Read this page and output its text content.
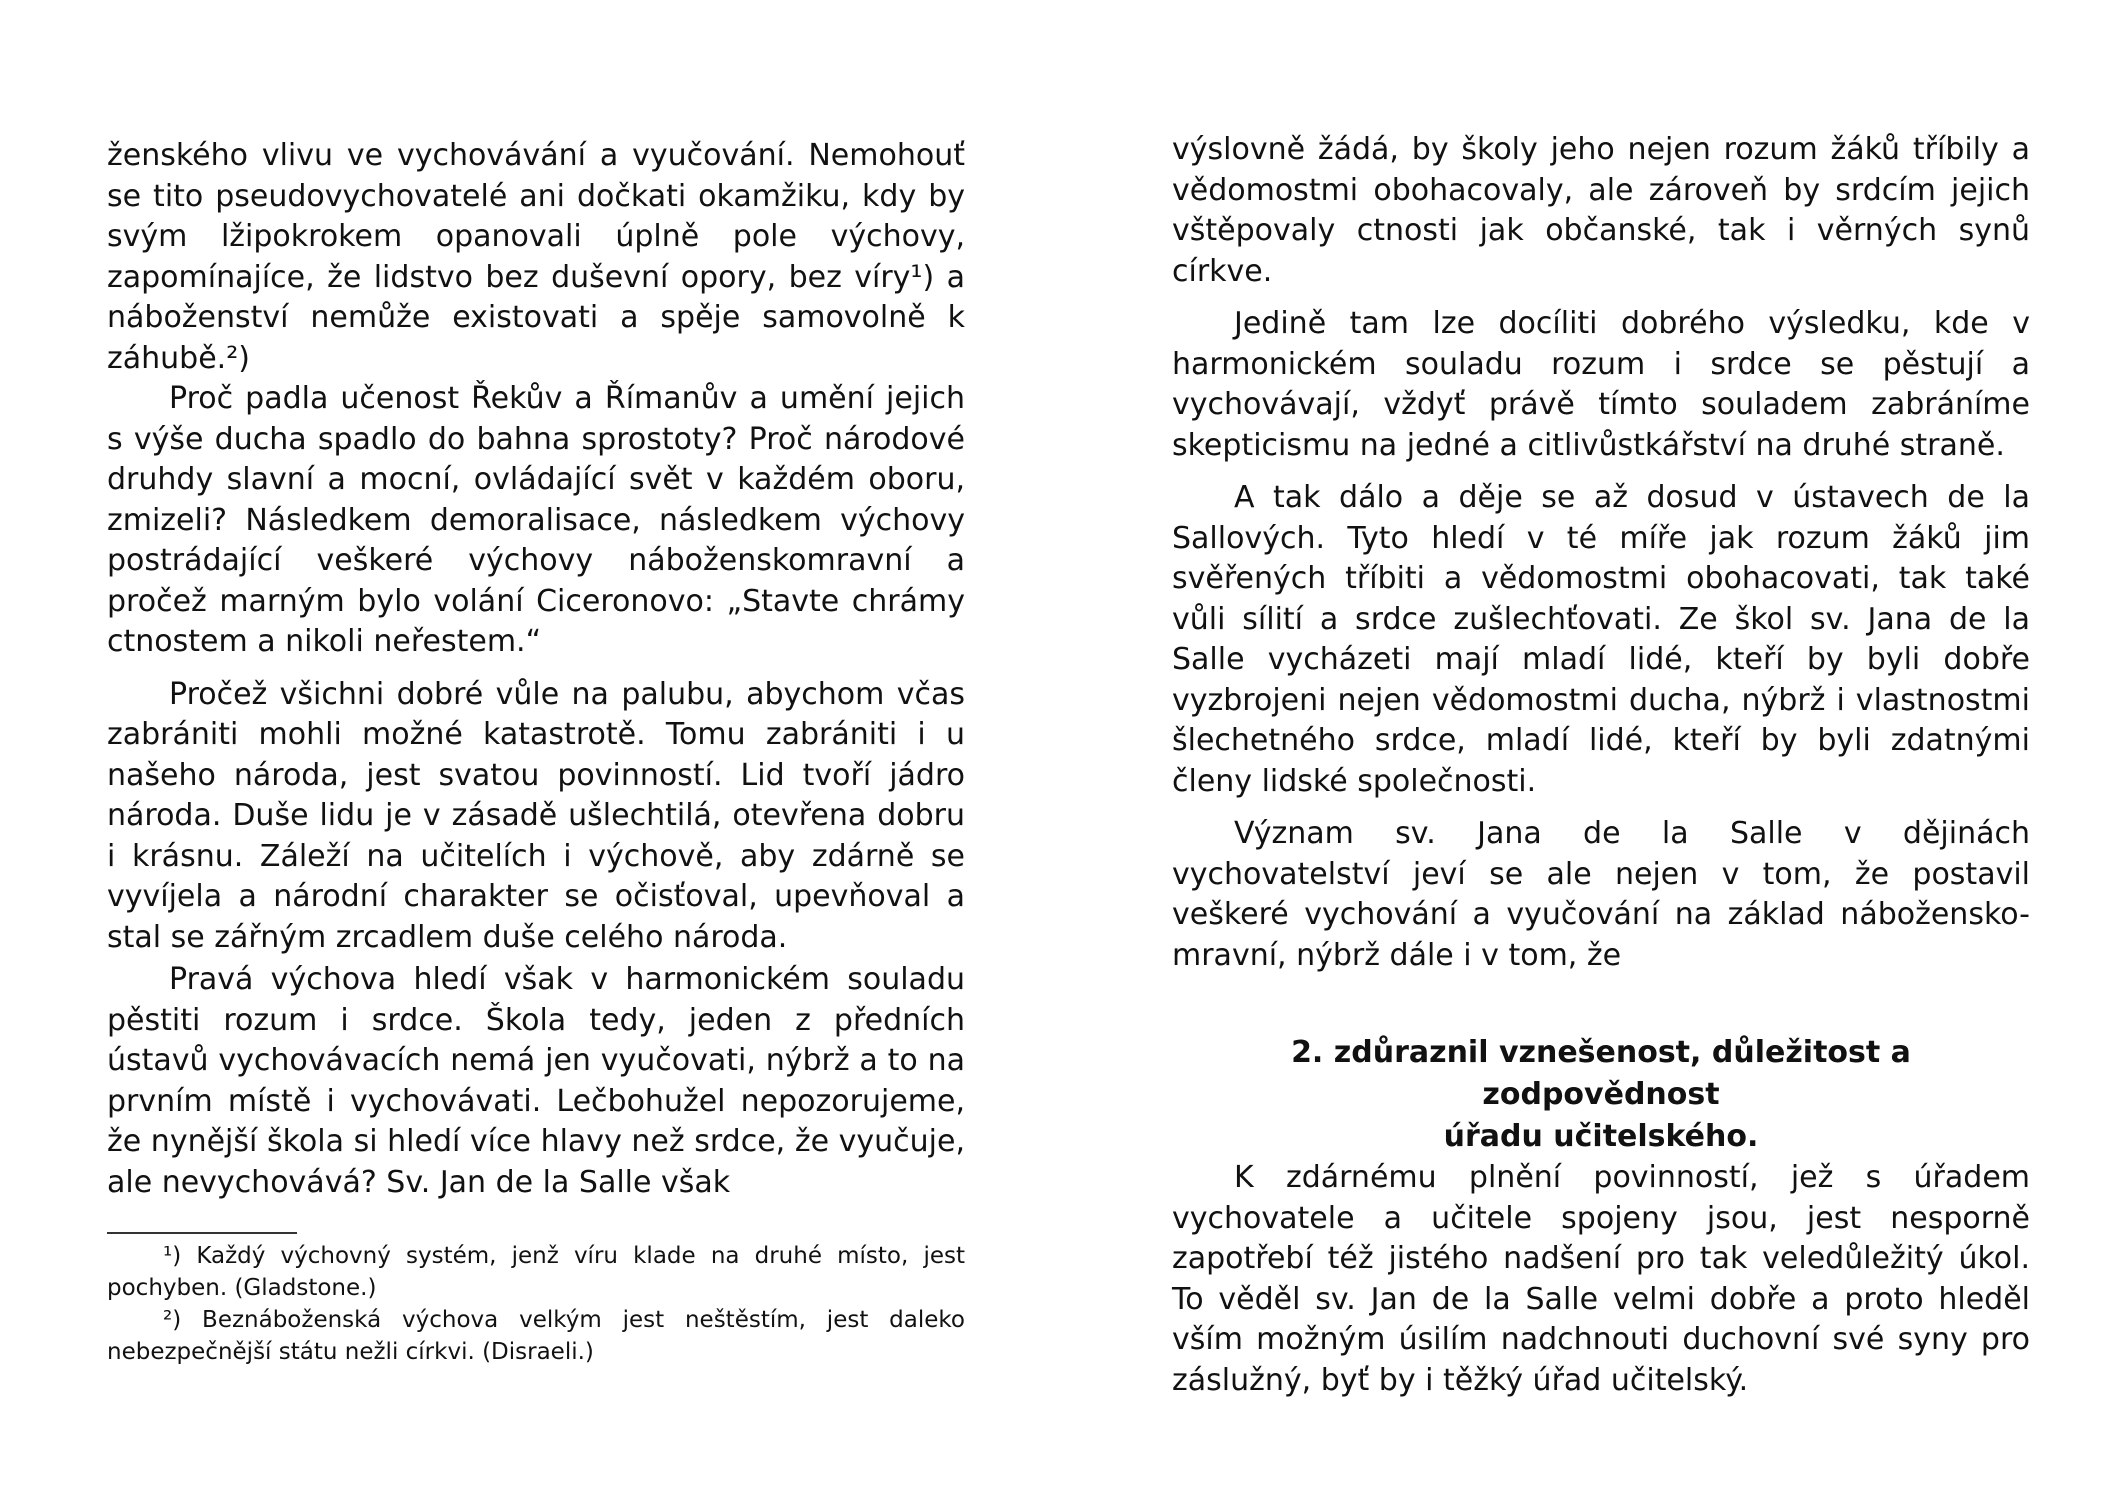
ženského vlivu ve vychovávání a vyučování. Nemohouť se tito pseudovychovatelé ani dočkati okamžiku, kdy by svým lžipokrokem opanovali úplně pole výchovy, zapomínajíce, že lidstvo bez duševní opory, bez víry¹) a náboženství nemůže existovati a spěje samovolně k záhubě.²)

Proč padla učenost Řekův a Římanův a umění jejich s výše ducha spadlo do bahna sprostoty? Proč národové druhdy slavní a mocní, ovládající svět v každém oboru, zmizeli? Následkem demoralisace, následkem výchovy postrádající veškeré výchovy náboženskomravní a pročež marným bylo volání Ciceronovo: „Stavte chrámy ctnostem a nikoli neřestem.“

Pročež všichni dobré vůle na palubu, abychom včas zabrániti mohli možné katastrotě. Tomu zabrániti i u našeho národa, jest svatou povinností. Lid tvoří jádro národa. Duše lidu je v zásadě ušlechtilá, otevřena dobru i krásnu. Záleží na učitelích i výchově, aby zdárně se vyvíjela a národní charakter se očisťoval, upevňoval a stal se zářným zrcadlem duše celého národa.

Pravá výchova hledí však v harmonickém souladu pěstiti rozum i srdce. Škola tedy, jeden z předních ústavů vychovávacích nemá jen vyučovati, nýbrž a to na prvním místě i vychovávati. Lečbohužel nepozorujeme, že nynější škola si hledí více hlavy než srdce, že vyučuje, ale nevychovává? Sv. Jan de la Salle však

¹) Každý výchovný systém, jenž víru klade na druhé místo, jest pochyben. (Gladstone.)

²) Beznáboženská výchova velkým jest neštěstím, jest daleko nebezpečnější státu nežli církvi. (Disraeli.)

výslovně žádá, by školy jeho nejen rozum žáků tříbily a vědomostmi obohacovaly, ale zároveň by srdcím jejich vštěpovaly ctnosti jak občanské, tak i věrných synů církve.

Jedině tam lze docíliti dobrého výsledku, kde v harmonickém souladu rozum i srdce se pěstují a vychovávají, vždyť právě tímto souladem zabráníme skepticismu na jedné a citlivůstkářství na druhé straně.

A tak dálo a děje se až dosud v ústavech de la Sallových. Tyto hledí v té míře jak rozum žáků jim svěřených tříbiti a vědomostmi obohacovati, tak také vůli sílití a srdce zušlechťovati. Ze škol sv. Jana de la Salle vycházeti mají mladí lidé, kteří by byli dobře vyzbrojeni nejen vědomostmi ducha, nýbrž i vlastnostmi šlechetného srdce, mladí lidé, kteří by byli zdatnými členy lidské společnosti.

Význam sv. Jana de la Salle v dějinách vychovatelství jeví se ale nejen v tom, že postavil veškeré vychování a vyučování na základ nábožensko-mravní, nýbrž dále i v tom, že

2. zdůraznil vznešenost, důležitost a zodpovědnost
úřadu učitelského.

K zdárnému plnění povinností, jež s úřadem vychovatele a učitele spojeny jsou, jest nesporně zapotřebí též jistého nadšení pro tak veledůležitý úkol. To věděl sv. Jan de la Salle velmi dobře a proto hleděl vším možným úsilím nadchnouti duchovní své syny pro záslužný, byť by i těžký úřad učitelský.
